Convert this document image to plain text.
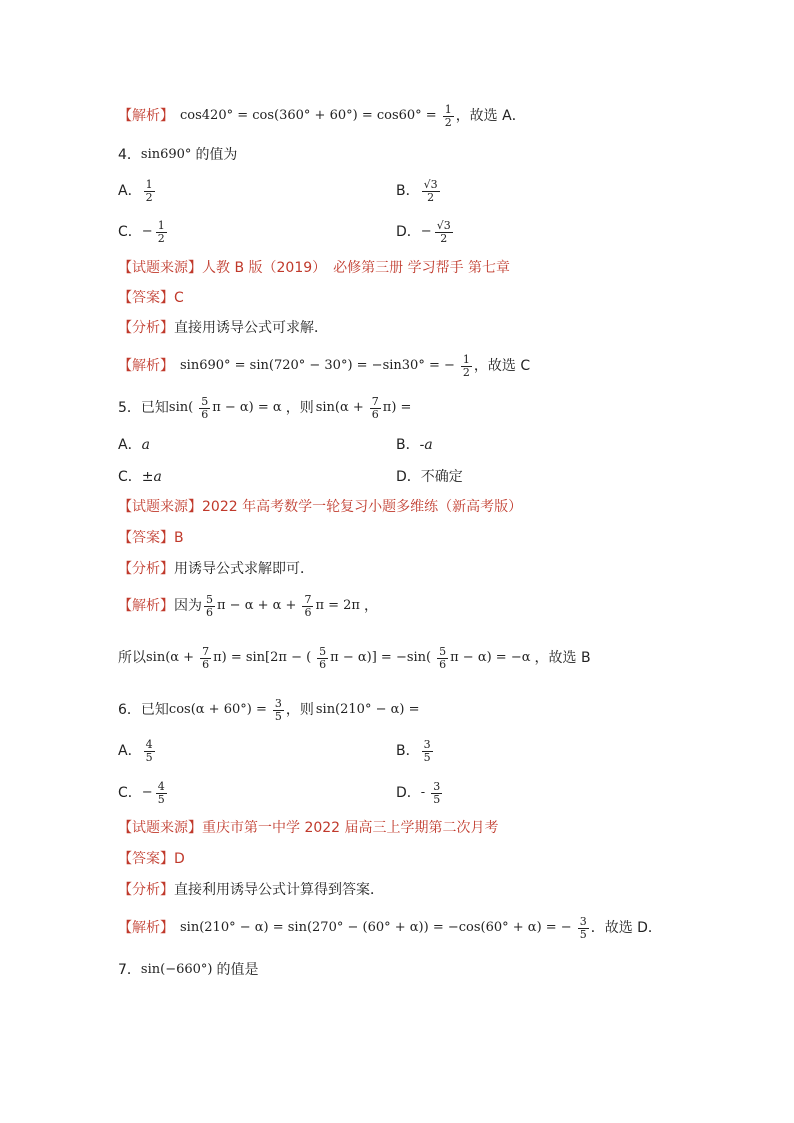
【解析】 $\cos 420^\circ = \cos(360^\circ + 60^\circ) = \cos 60^\circ = \frac{1}{2}$ ，故选 A．
4． sin690° 的值为
A． $\frac{1}{2}$	B． $\frac{√3}{2}$
C． − $\frac{1}{2}$	D． − $\frac{√3}{2}$
【试题来源】 人教 B 版（2019）　必修第三册 学习帮手 第七章
【答案】 C
【分析】 直接用诱导公式可求解．
【解析】 sin690° = sin(720° − 30°) = −sin30° = − $\frac{1}{2}$ ，故选 C
5． 已知 $\sin( \frac{5}{6}$ π − α) = α ，则 $\sin(\alpha + \frac{7}{6} \pi)$ =
A． a	B． -a
C． ±a	D． 不确定
【试题来源】 2022 年高考数学一轮复习小题多维练（新高考版）
【答案】 B
【分析】 用诱导公式求解即可．
【解析】 因为 $\frac{5}{6}$ $\pi - \alpha + \alpha + \frac{7}{6}$ π = 2π ，
所以 $\sin(\alpha + \frac{7}{6} \pi) = \sin[2\pi$ − ( $\frac{5}{6}$ $\pi - \alpha)] = -\sin( \frac{5}{6}$ π − α) = −α ，故选 B
6． 已知 $\cos(\alpha + 60^\circ) = \frac{3}{5}$ ，则 sin(210° − α) =
A． $\frac{4}{5}$	B． $\frac{3}{5}$
C． − $\frac{4}{5}$	D． - $\frac{3}{5}$
【试题来源】 重庆市第一中学 2022 届高三上学期第二次月考
【答案】 D
【分析】 直接利用诱导公式计算得到答案．
【解析】 sin(210° − α) = sin(270° − (60° + α)) = −cos(60° + α) = − $\frac{3}{5}$ ．故选 D．
7． sin(−660°) 的值是
